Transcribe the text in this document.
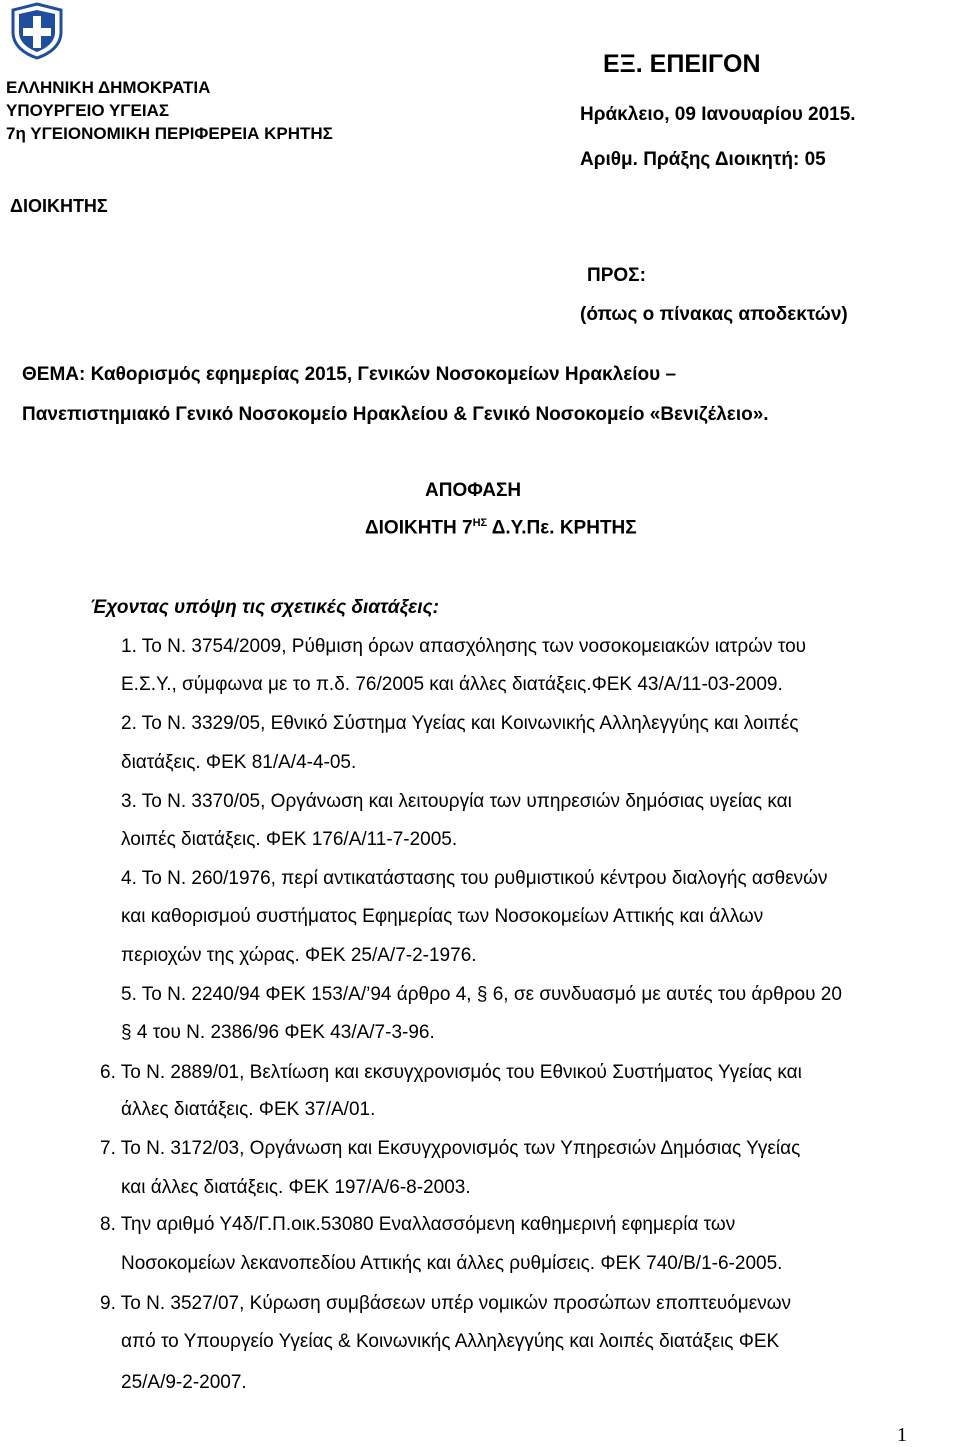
ΕΛΛΗΝΙΚΗ ΔΗΜΟΚΡΑΤΙΑ
ΥΠΟΥΡΓΕΙΟ ΥΓΕΙΑΣ
7η ΥΓΕΙΟΝΟΜΙΚΗ ΠΕΡΙΦΕΡΕΙΑ ΚΡΗΤΗΣ
ΔΙΟΙΚΗΤΗΣ
ΕΞ. ΕΠΕΙΓΟΝ
Ηράκλειο, 09 Ιανουαρίου 2015.
Αριθμ. Πράξης Διοικητή: 05
ΠΡΟΣ:
(όπως ο πίνακας αποδεκτών)
ΘΕΜΑ: Καθορισμός εφημερίας 2015, Γενικών Νοσοκομείων Ηρακλείου –
Πανεπιστημιακό Γενικό Νοσοκομείο Ηρακλείου & Γενικό Νοσοκομείο «Βενιζέλειο».
ΑΠΟΦΑΣΗ
ΔΙΟΙΚΗΤΗ $7^{H\Sigma}$ Δ.Υ.Πε. ΚΡΗΤΗΣ
Έχοντας υπόψη τις σχετικές διατάξεις:
1. Το Ν. 3754/2009, Ρύθμιση όρων απασχόλησης των νοσοκομειακών ιατρών του
Ε.Σ.Υ., σύμφωνα με το π.δ. 76/2005 και άλλες διατάξεις.ΦΕΚ 43/Α/11-03-2009.
2. Το Ν. 3329/05, Εθνικό Σύστημα Υγείας και Κοινωνικής Αλληλεγγύης και λοιπές
διατάξεις. ΦΕΚ 81/Α/4-4-05.
3. Το Ν. 3370/05, Οργάνωση και λειτουργία των υπηρεσιών δημόσιας υγείας και
λοιπές διατάξεις. ΦΕΚ 176/Α/11-7-2005.
4. Το Ν. 260/1976, περί αντικατάστασης του ρυθμιστικού κέντρου διαλογής ασθενών
και καθορισμού συστήματος Εφημερίας των Νοσοκομείων Αττικής και άλλων
περιοχών της χώρας. ΦΕΚ 25/Α/7-2-1976.
5. Το Ν. 2240/94 ΦΕΚ 153/Α/’94 άρθρο 4, § 6, σε συνδυασμό με αυτές του άρθρου 20
§ 4 του Ν. 2386/96 ΦΕΚ 43/Α/7-3-96.
6. Το Ν. 2889/01, Βελτίωση και εκσυγχρονισμός του Εθνικού Συστήματος Υγείας και
άλλες διατάξεις. ΦΕΚ 37/Α/01.
7. Το Ν. 3172/03, Οργάνωση και Εκσυγχρονισμός των Υπηρεσιών Δημόσιας Υγείας
και άλλες διατάξεις. ΦΕΚ 197/Α/6-8-2003.
8. Την αριθμό Υ4δ/Γ.Π.οικ.53080 Εναλλασσόμενη καθημερινή εφημερία των
Νοσοκομείων λεκανοπεδίου Αττικής και άλλες ρυθμίσεις. ΦΕΚ 740/Β/1-6-2005.
9. Το Ν. 3527/07, Κύρωση συμβάσεων υπέρ νομικών προσώπων εποπτευόμενων
από το Υπουργείο Υγείας & Κοινωνικής Αλληλεγγύης και λοιπές διατάξεις ΦΕΚ
25/Α/9-2-2007.
1
